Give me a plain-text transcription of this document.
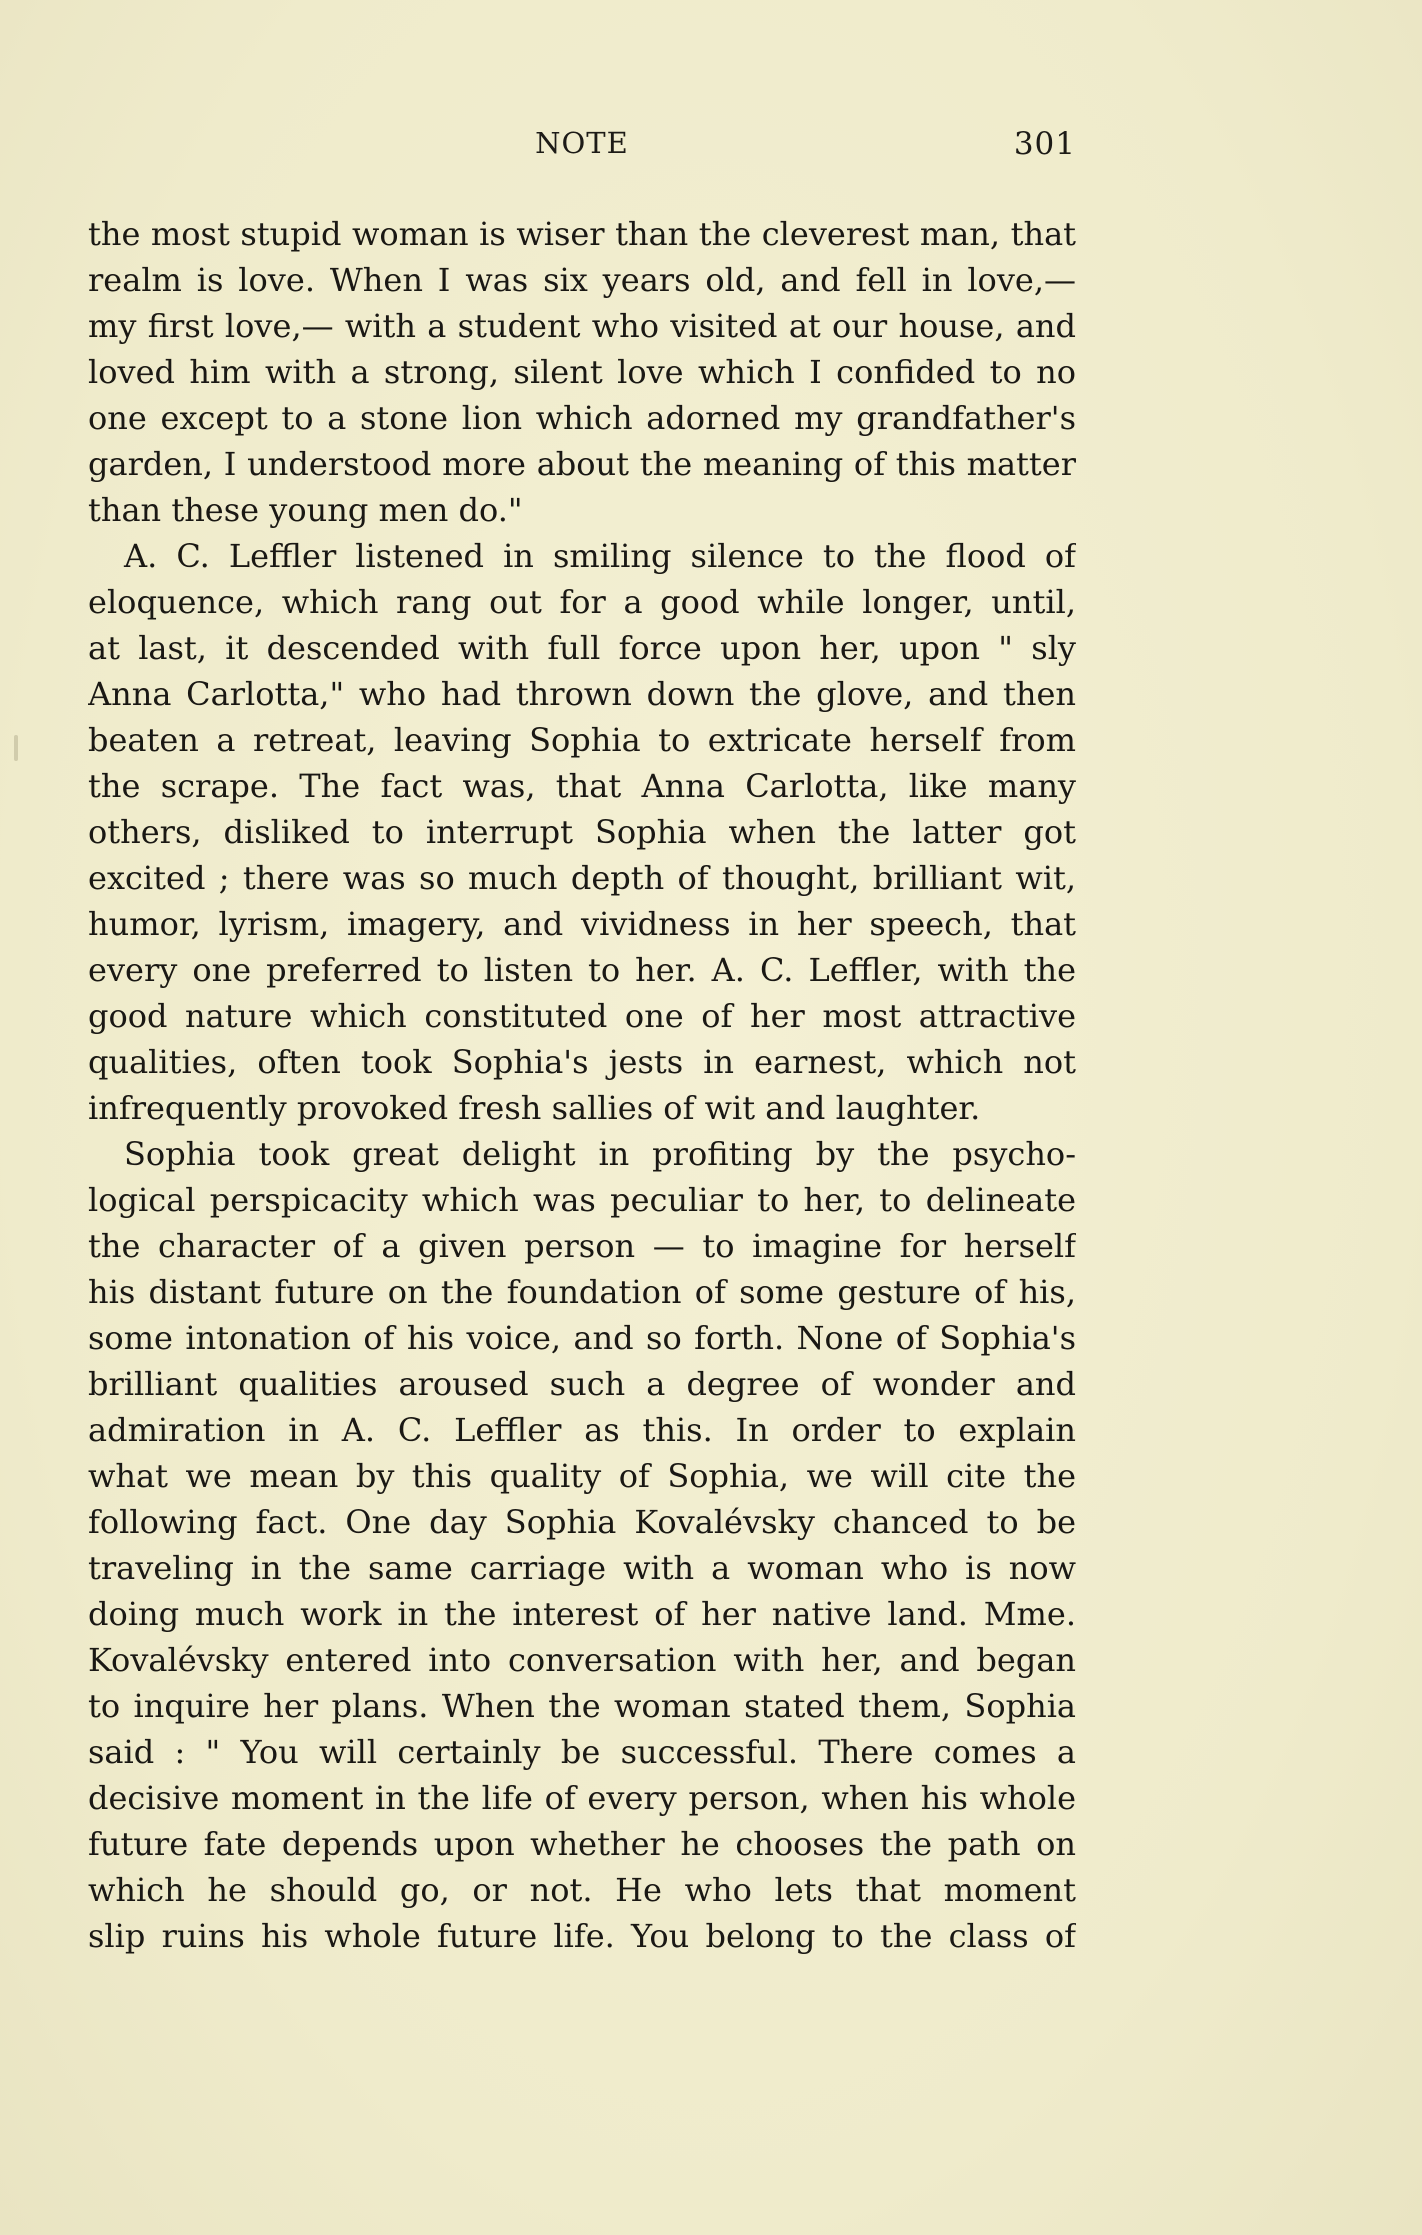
NOTE	301
the most stupid woman is wiser than the cleverest man, that
realm is love. When I was six years old, and fell in love,—
my first love,— with a student who visited at our house, and
loved him with a strong, silent love which I confided to no
one except to a stone lion which adorned my grandfather's
garden, I understood more about the meaning of this matter
than these young men do."
A. C. Leffler listened in smiling silence to the flood of
eloquence, which rang out for a good while longer, until,
at last, it descended with full force upon her, upon " sly
Anna Carlotta," who had thrown down the glove, and then
beaten a retreat, leaving Sophia to extricate herself from
the scrape. The fact was, that Anna Carlotta, like many
others, disliked to interrupt Sophia when the latter got
excited ; there was so much depth of thought, brilliant wit,
humor, lyrism, imagery, and vividness in her speech, that
every one preferred to listen to her. A. C. Leffler, with the
good nature which constituted one of her most attractive
qualities, often took Sophia's jests in earnest, which not
infrequently provoked fresh sallies of wit and laughter.
Sophia took great delight in profiting by the psycho-
logical perspicacity which was peculiar to her, to delineate
the character of a given person — to imagine for herself
his distant future on the foundation of some gesture of his,
some intonation of his voice, and so forth. None of Sophia's
brilliant qualities aroused such a degree of wonder and
admiration in A. C. Leffler as this. In order to explain
what we mean by this quality of Sophia, we will cite the
following fact. One day Sophia Kovalévsky chanced to be
traveling in the same carriage with a woman who is now
doing much work in the interest of her native land. Mme.
Kovalévsky entered into conversation with her, and began
to inquire her plans. When the woman stated them, Sophia
said : " You will certainly be successful. There comes a
decisive moment in the life of every person, when his whole
future fate depends upon whether he chooses the path on
which he should go, or not. He who lets that moment
slip ruins his whole future life. You belong to the class of
